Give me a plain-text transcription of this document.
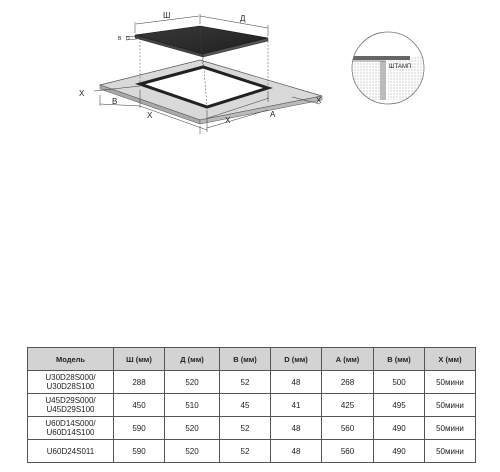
Ш	Д
В D
X
В
X
X
А
X
ШТАМП
Модель	Ш (мм)	Д (мм)	В (мм)	D (мм)	А (мм)	В (мм)	Х (мм)
U30D28S000/
U30D28S100	288	520	52	48	268	500	50мини
U45D29S000/
U45D29S100	450	510	45	41	425	495	50мини
U60D14S000/
U60D14S100	590	520	52	48	560	490	50мини
U60D24S011	590	520	52	48	560	490	50мини
